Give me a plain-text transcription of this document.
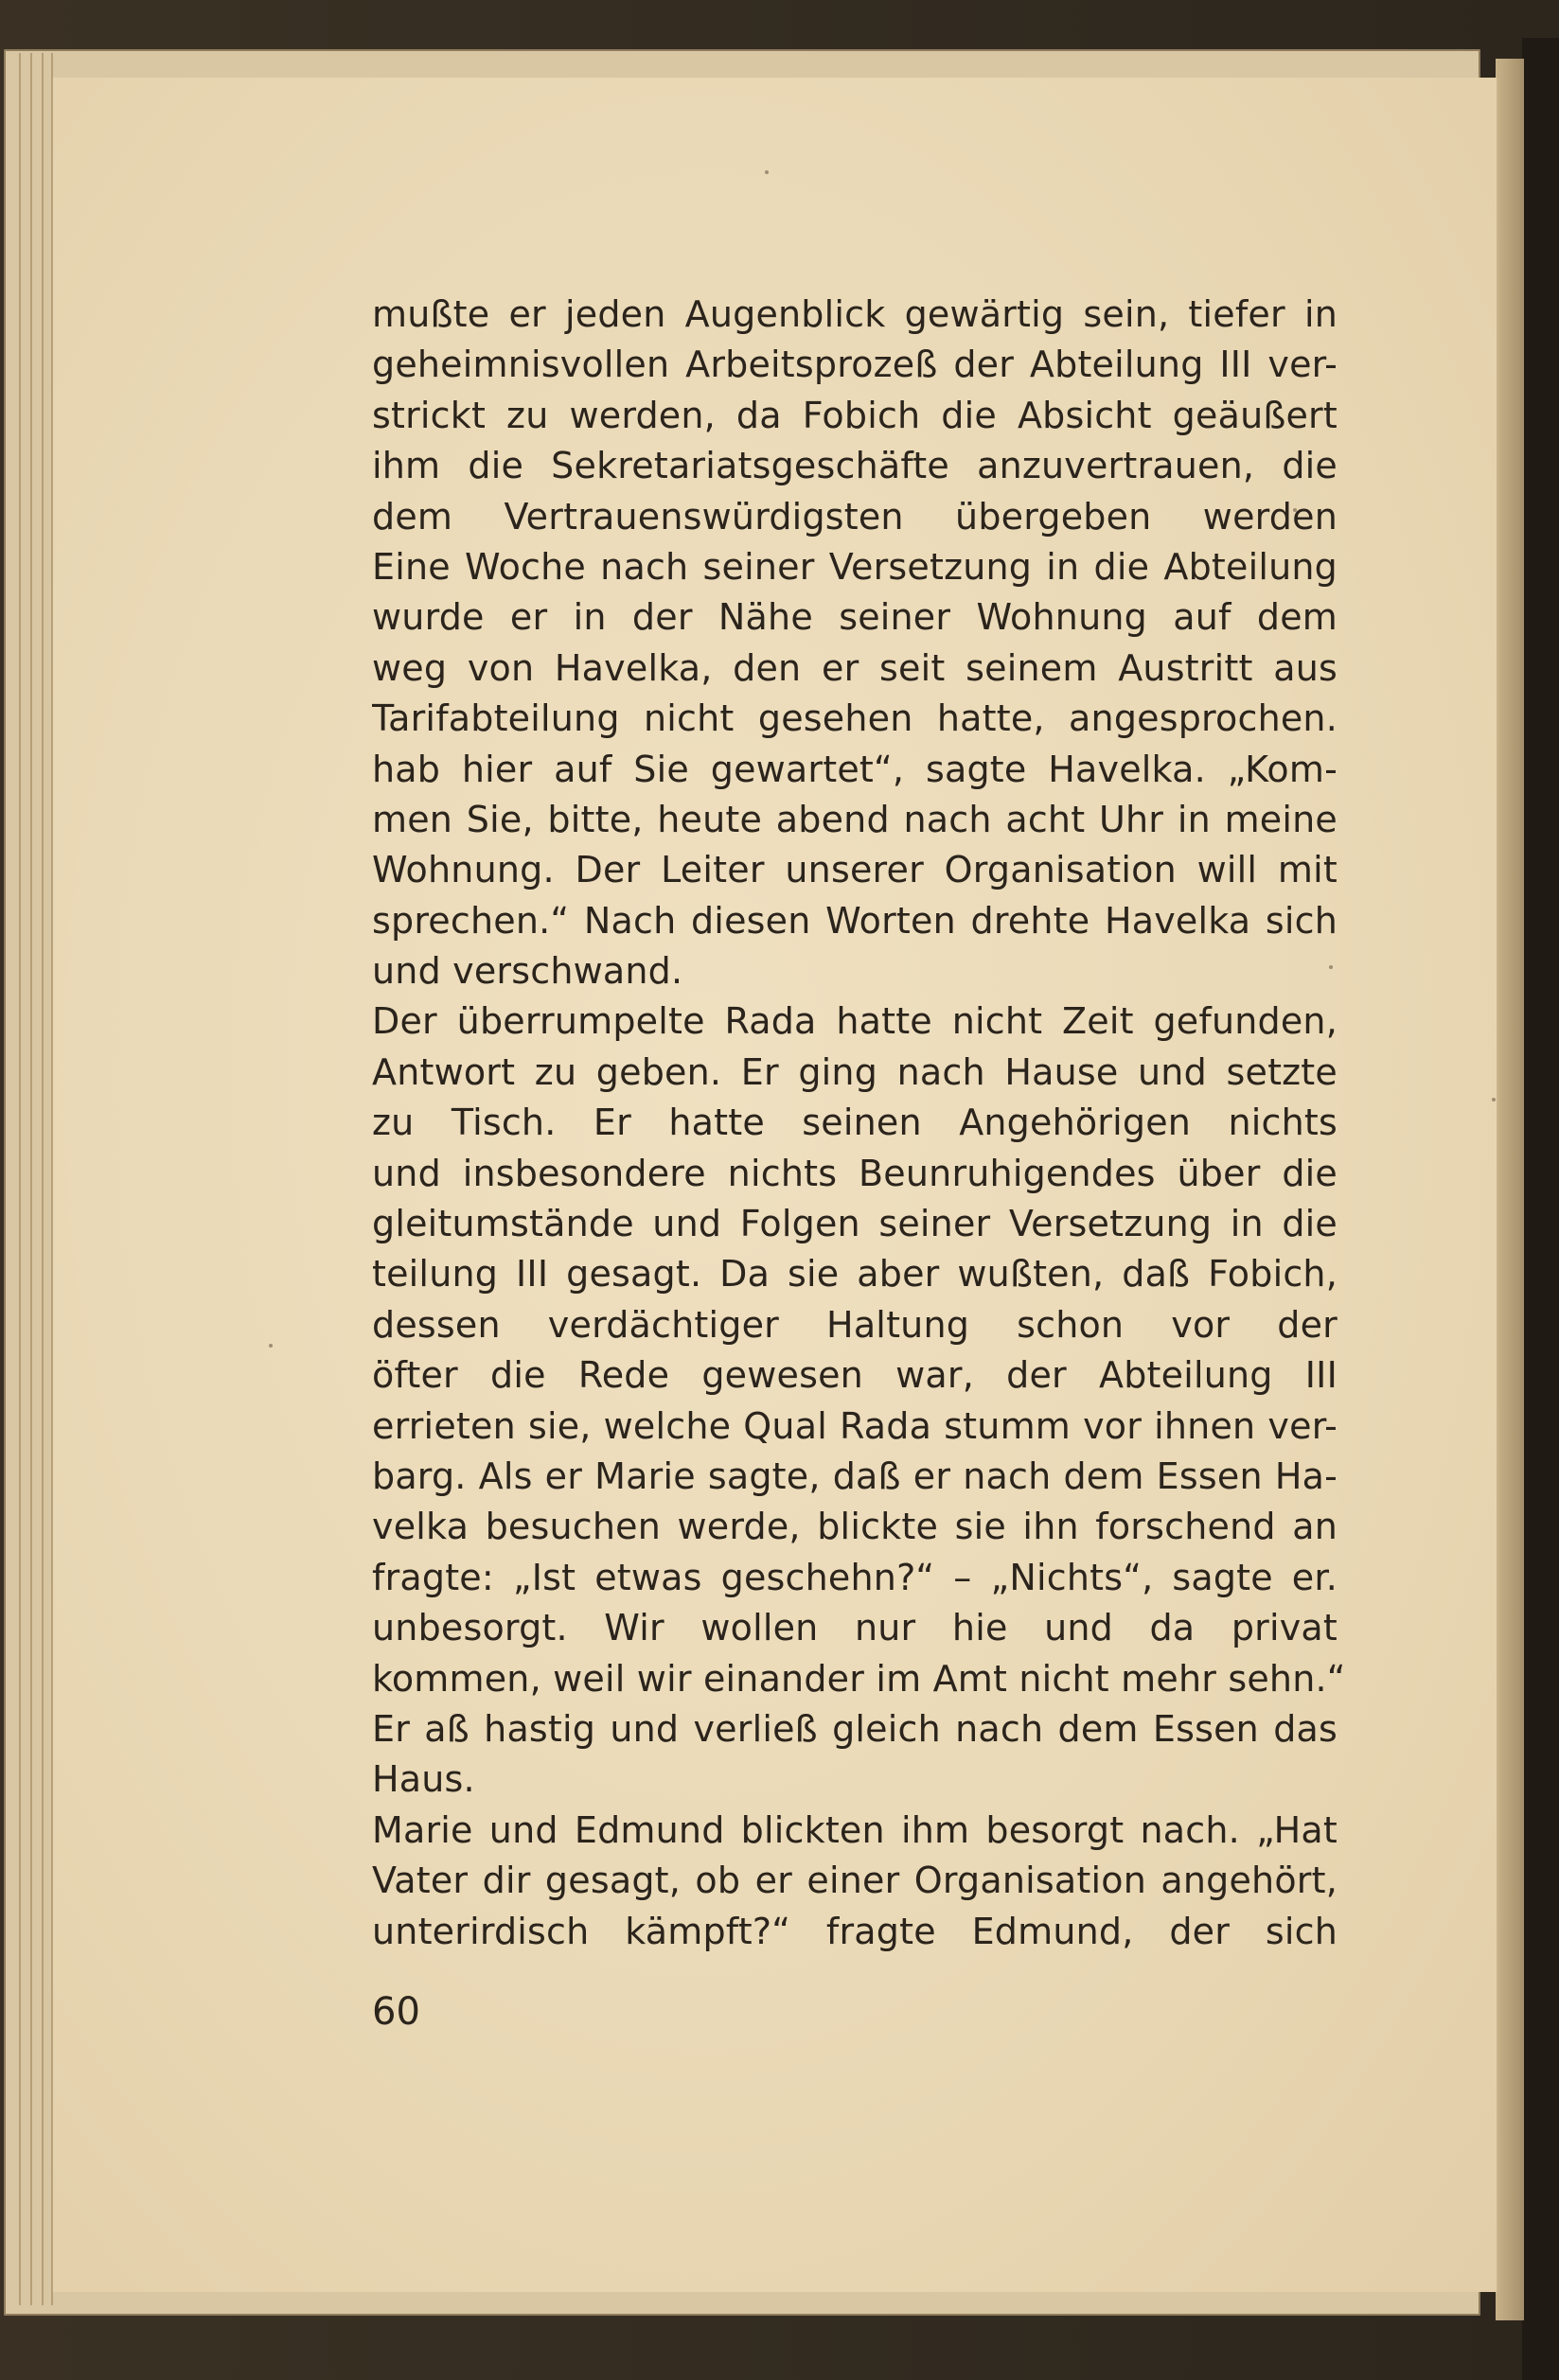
mußte er jeden Augenblick gewärtig sein, tiefer in
geheimnisvollen Arbeitsprozeß der Abteilung III ver-
strickt zu werden, da Fobich die Absicht geäußert
ihm die Sekretariatsgeschäfte anzuvertrauen, die
dem Vertrauenswürdigsten übergeben werden
Eine Woche nach seiner Versetzung in die Abteilung
wurde er in der Nähe seiner Wohnung auf dem
weg von Havelka, den er seit seinem Austritt aus
Tarifabteilung nicht gesehen hatte, angesprochen.
hab hier auf Sie gewartet“, sagte Havelka. „Kom-
men Sie, bitte, heute abend nach acht Uhr in meine
Wohnung. Der Leiter unserer Organisation will mit
sprechen.“ Nach diesen Worten drehte Havelka sich
und verschwand.
Der überrumpelte Rada hatte nicht Zeit gefunden,
Antwort zu geben. Er ging nach Hause und setzte
zu Tisch. Er hatte seinen Angehörigen nichts
und insbesondere nichts Beunruhigendes über die
gleitumstände und Folgen seiner Versetzung in die
teilung III gesagt. Da sie aber wußten, daß Fobich,
dessen verdächtiger Haltung schon vor der
öfter die Rede gewesen war, der Abteilung III
errieten sie, welche Qual Rada stumm vor ihnen ver-
barg. Als er Marie sagte, daß er nach dem Essen Ha-
velka besuchen werde, blickte sie ihn forschend an
fragte: „Ist etwas geschehn?“ – „Nichts“, sagte er.
unbesorgt. Wir wollen nur hie und da privat
kommen, weil wir einander im Amt nicht mehr sehn.“
Er aß hastig und verließ gleich nach dem Essen das
Haus.
Marie und Edmund blickten ihm besorgt nach. „Hat
Vater dir gesagt, ob er einer Organisation angehört,
unterirdisch kämpft?“ fragte Edmund, der sich
60
